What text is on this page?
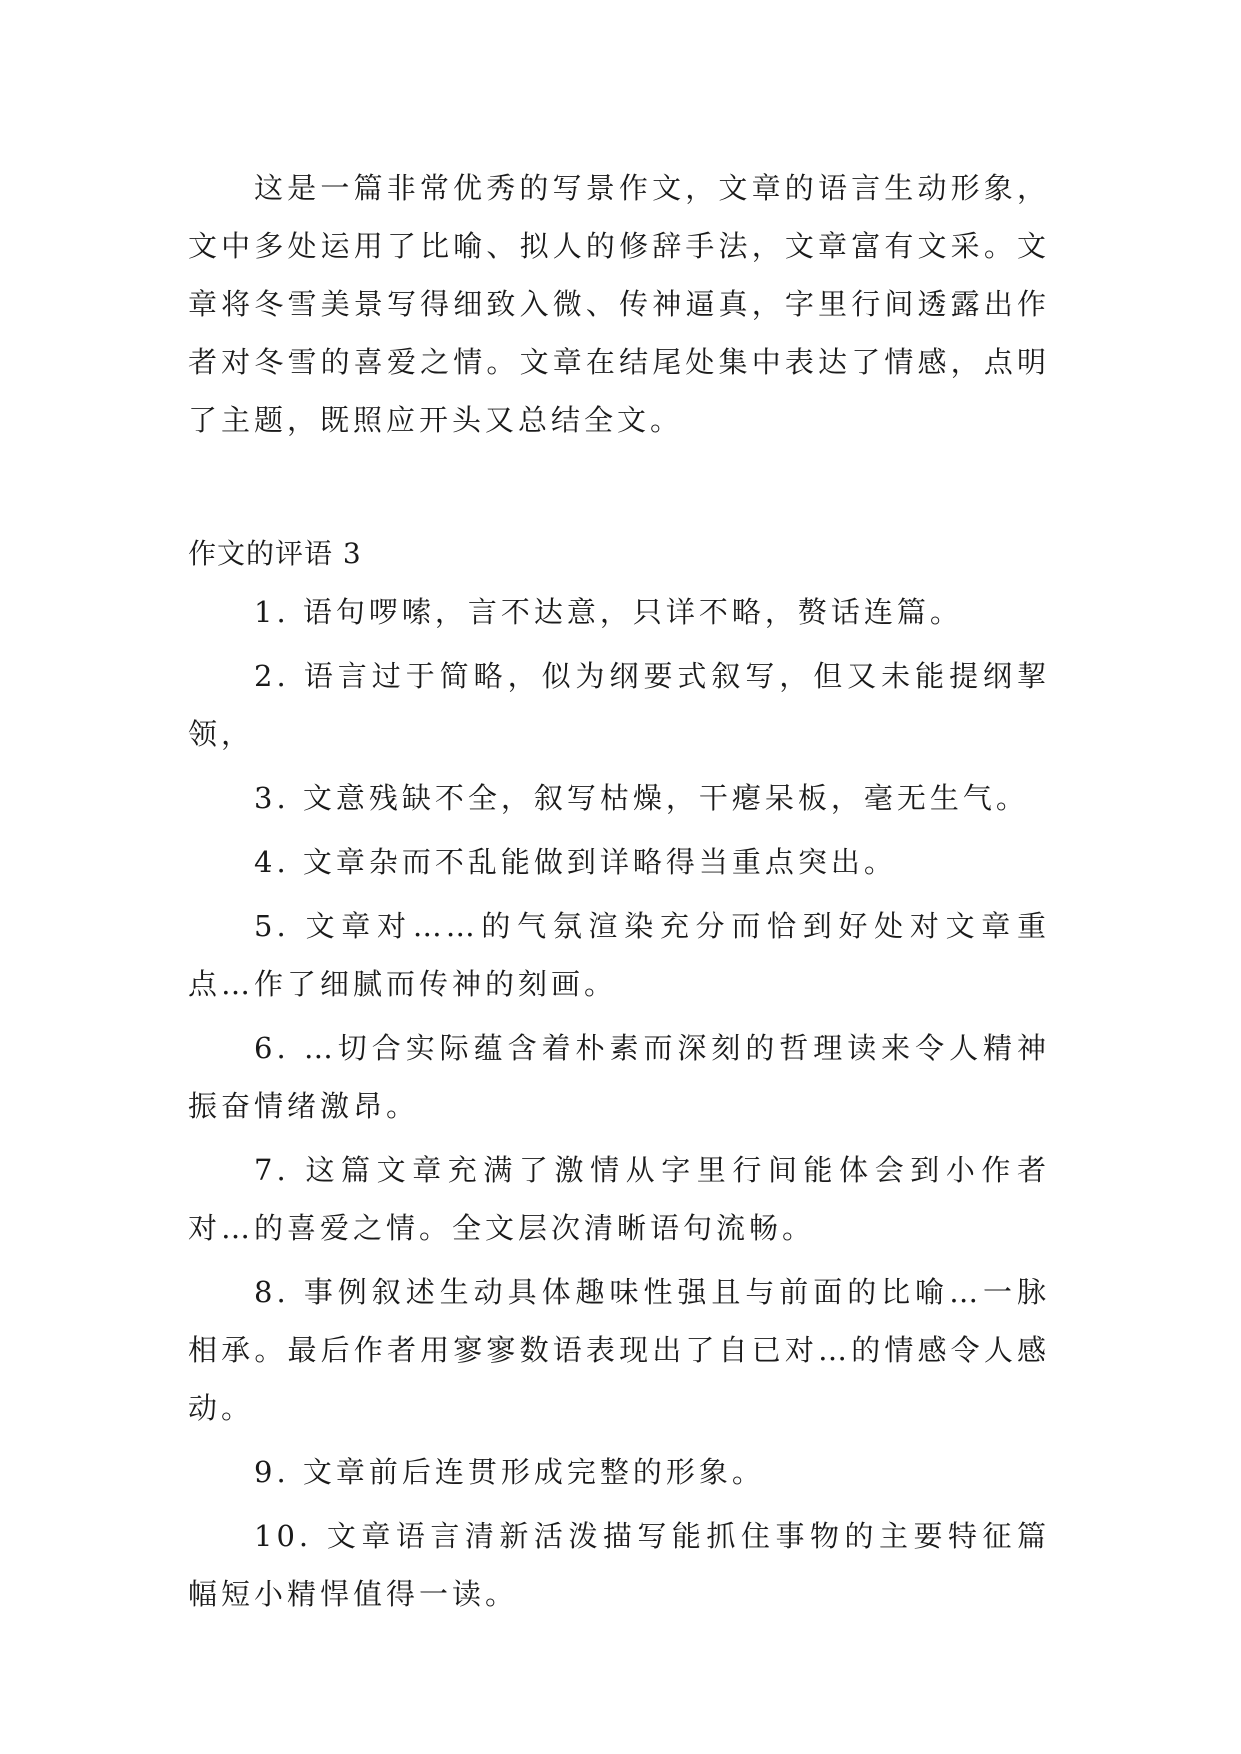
这是一篇非常优秀的写景作文，文章的语言生动形象，文中多处运用了比喻、拟人的修辞手法，文章富有文采。文章将冬雪美景写得细致入微、传神逼真，字里行间透露出作者对冬雪的喜爱之情。文章在结尾处集中表达了情感，点明了主题，既照应开头又总结全文。

作文的评语 3

1. 语句啰嗦，言不达意，只详不略，赘话连篇。

2. 语言过于简略，似为纲要式叙写，但又未能提纲挈领，

3. 文意残缺不全，叙写枯燥，干瘪呆板，毫无生气。

4. 文章杂而不乱能做到详略得当重点突出。

5. 文章对……的气氛渲染充分而恰到好处对文章重点…作了细腻而传神的刻画。

6. …切合实际蕴含着朴素而深刻的哲理读来令人精神振奋情绪激昂。

7. 这篇文章充满了激情从字里行间能体会到小作者对…的喜爱之情。全文层次清晰语句流畅。

8. 事例叙述生动具体趣味性强且与前面的比喻…一脉相承。最后作者用寥寥数语表现出了自已对…的情感令人感动。

9. 文章前后连贯形成完整的形象。

10. 文章语言清新活泼描写能抓住事物的主要特征篇幅短小精悍值得一读。
